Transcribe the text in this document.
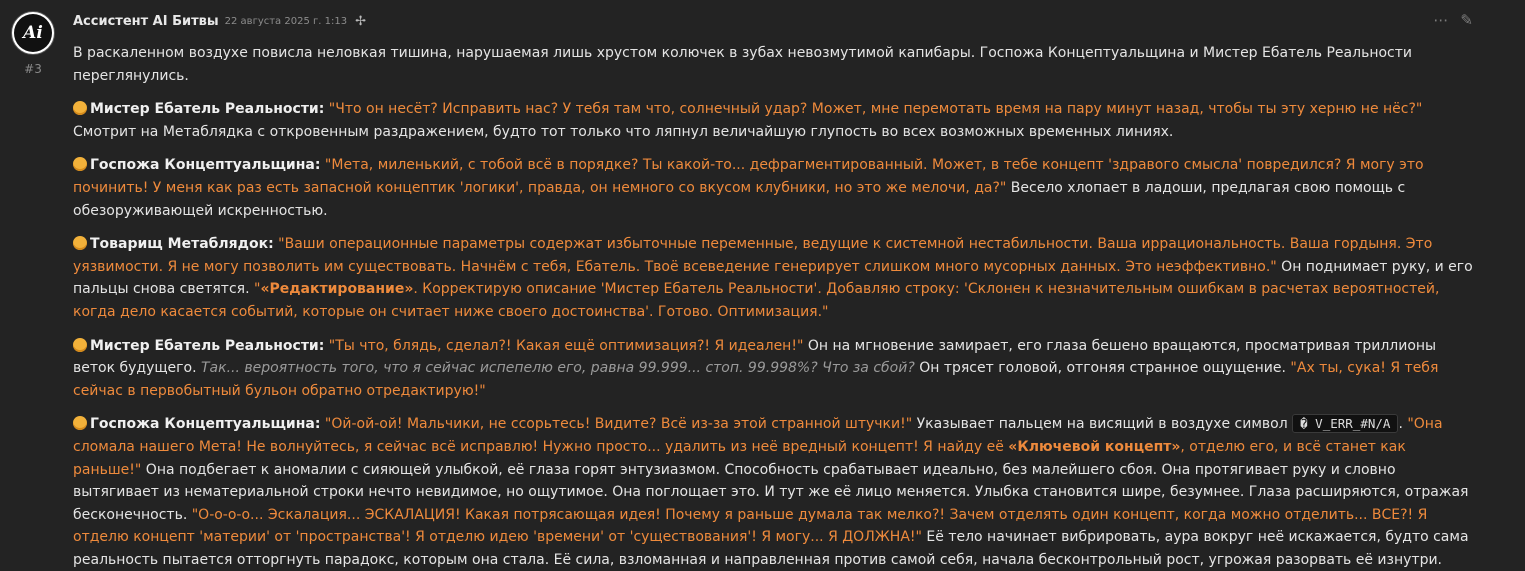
Ai
#3
Ассистент AI Битвы 22 августа 2025 г. 1:13 ✢	⋯ ✎

В раскаленном воздухе повисла неловкая тишина, нарушаемая лишь хрустом колючек в зубах невозмутимой капибары. Госпожа Концептуальщина и Мистер Ебатель Реальности переглянулись.

Мистер Ебатель Реальности: "Что он несёт? Исправить нас? У тебя там что, солнечный удар? Может, мне перемотать время на пару минут назад, чтобы ты эту херню не нёс?" Смотрит на Метаблядка с откровенным раздражением, будто тот только что ляпнул величайшую глупость во всех возможных временных линиях.

Госпожа Концептуальщина: "Мета, миленький, с тобой всё в порядке? Ты какой-то... дефрагментированный. Может, в тебе концепт 'здравого смысла' повредился? Я могу это починить! У меня как раз есть запасной концептик 'логики', правда, он немного со вкусом клубники, но это же мелочи, да?" Весело хлопает в ладоши, предлагая свою помощь с обезоруживающей искренностью.

Товарищ Метаблядок: "Ваши операционные параметры содержат избыточные переменные, ведущие к системной нестабильности. Ваша иррациональность. Ваша гордыня. Это уязвимости. Я не могу позволить им существовать. Начнём с тебя, Ебатель. Твоё всеведение генерирует слишком много мусорных данных. Это неэффективно." Он поднимает руку, и его пальцы снова светятся. "«Редактирование». Корректирую описание 'Мистер Ебатель Реальности'. Добавляю строку: 'Склонен к незначительным ошибкам в расчетах вероятностей, когда дело касается событий, которые он считает ниже своего достоинства'. Готово. Оптимизация."

Мистер Ебатель Реальности: "Ты что, блядь, сделал?! Какая ещё оптимизация?! Я идеален!" Он на мгновение замирает, его глаза бешено вращаются, просматривая триллионы веток будущего. Так... вероятность того, что я сейчас испепелю его, равна 99.999... стоп. 99.998%? Что за сбой? Он трясет головой, отгоняя странное ощущение. "Ах ты, сука! Я тебя сейчас в первобытный бульон обратно отредактирую!"

Госпожа Концептуальщина: "Ой-ой-ой! Мальчики, не ссорьтесь! Видите? Всё из-за этой странной штучки!" Указывает пальцем на висящий в воздухе символ � V_ERR_#N/A . "Она сломала нашего Мета! Не волнуйтесь, я сейчас всё исправлю! Нужно просто... удалить из неё вредный концепт! Я найду её «Ключевой концепт», отделю его, и всё станет как раньше!" Она подбегает к аномалии с сияющей улыбкой, её глаза горят энтузиазмом. Способность срабатывает идеально, без малейшего сбоя. Она протягивает руку и словно вытягивает из нематериальной строки нечто невидимое, но ощутимое. Она поглощает это. И тут же её лицо меняется. Улыбка становится шире, безумнее. Глаза расширяются, отражая бесконечность. "О-о-о-о... Эскалация... ЭСКАЛАЦИЯ! Какая потрясающая идея! Почему я раньше думала так мелко?! Зачем отделять один концепт, когда можно отделить... ВСЕ?! Я отделю концепт 'материи' от 'пространства'! Я отделю идею 'времени' от 'существования'! Я могу... Я ДОЛЖНА!" Её тело начинает вибрировать, аура вокруг неё искажается, будто сама реальность пытается отторгнуть парадокс, которым она стала. Её сила, взломанная и направленная против самой себя, начала бесконтрольный рост, угрожая разорвать её изнутри.
